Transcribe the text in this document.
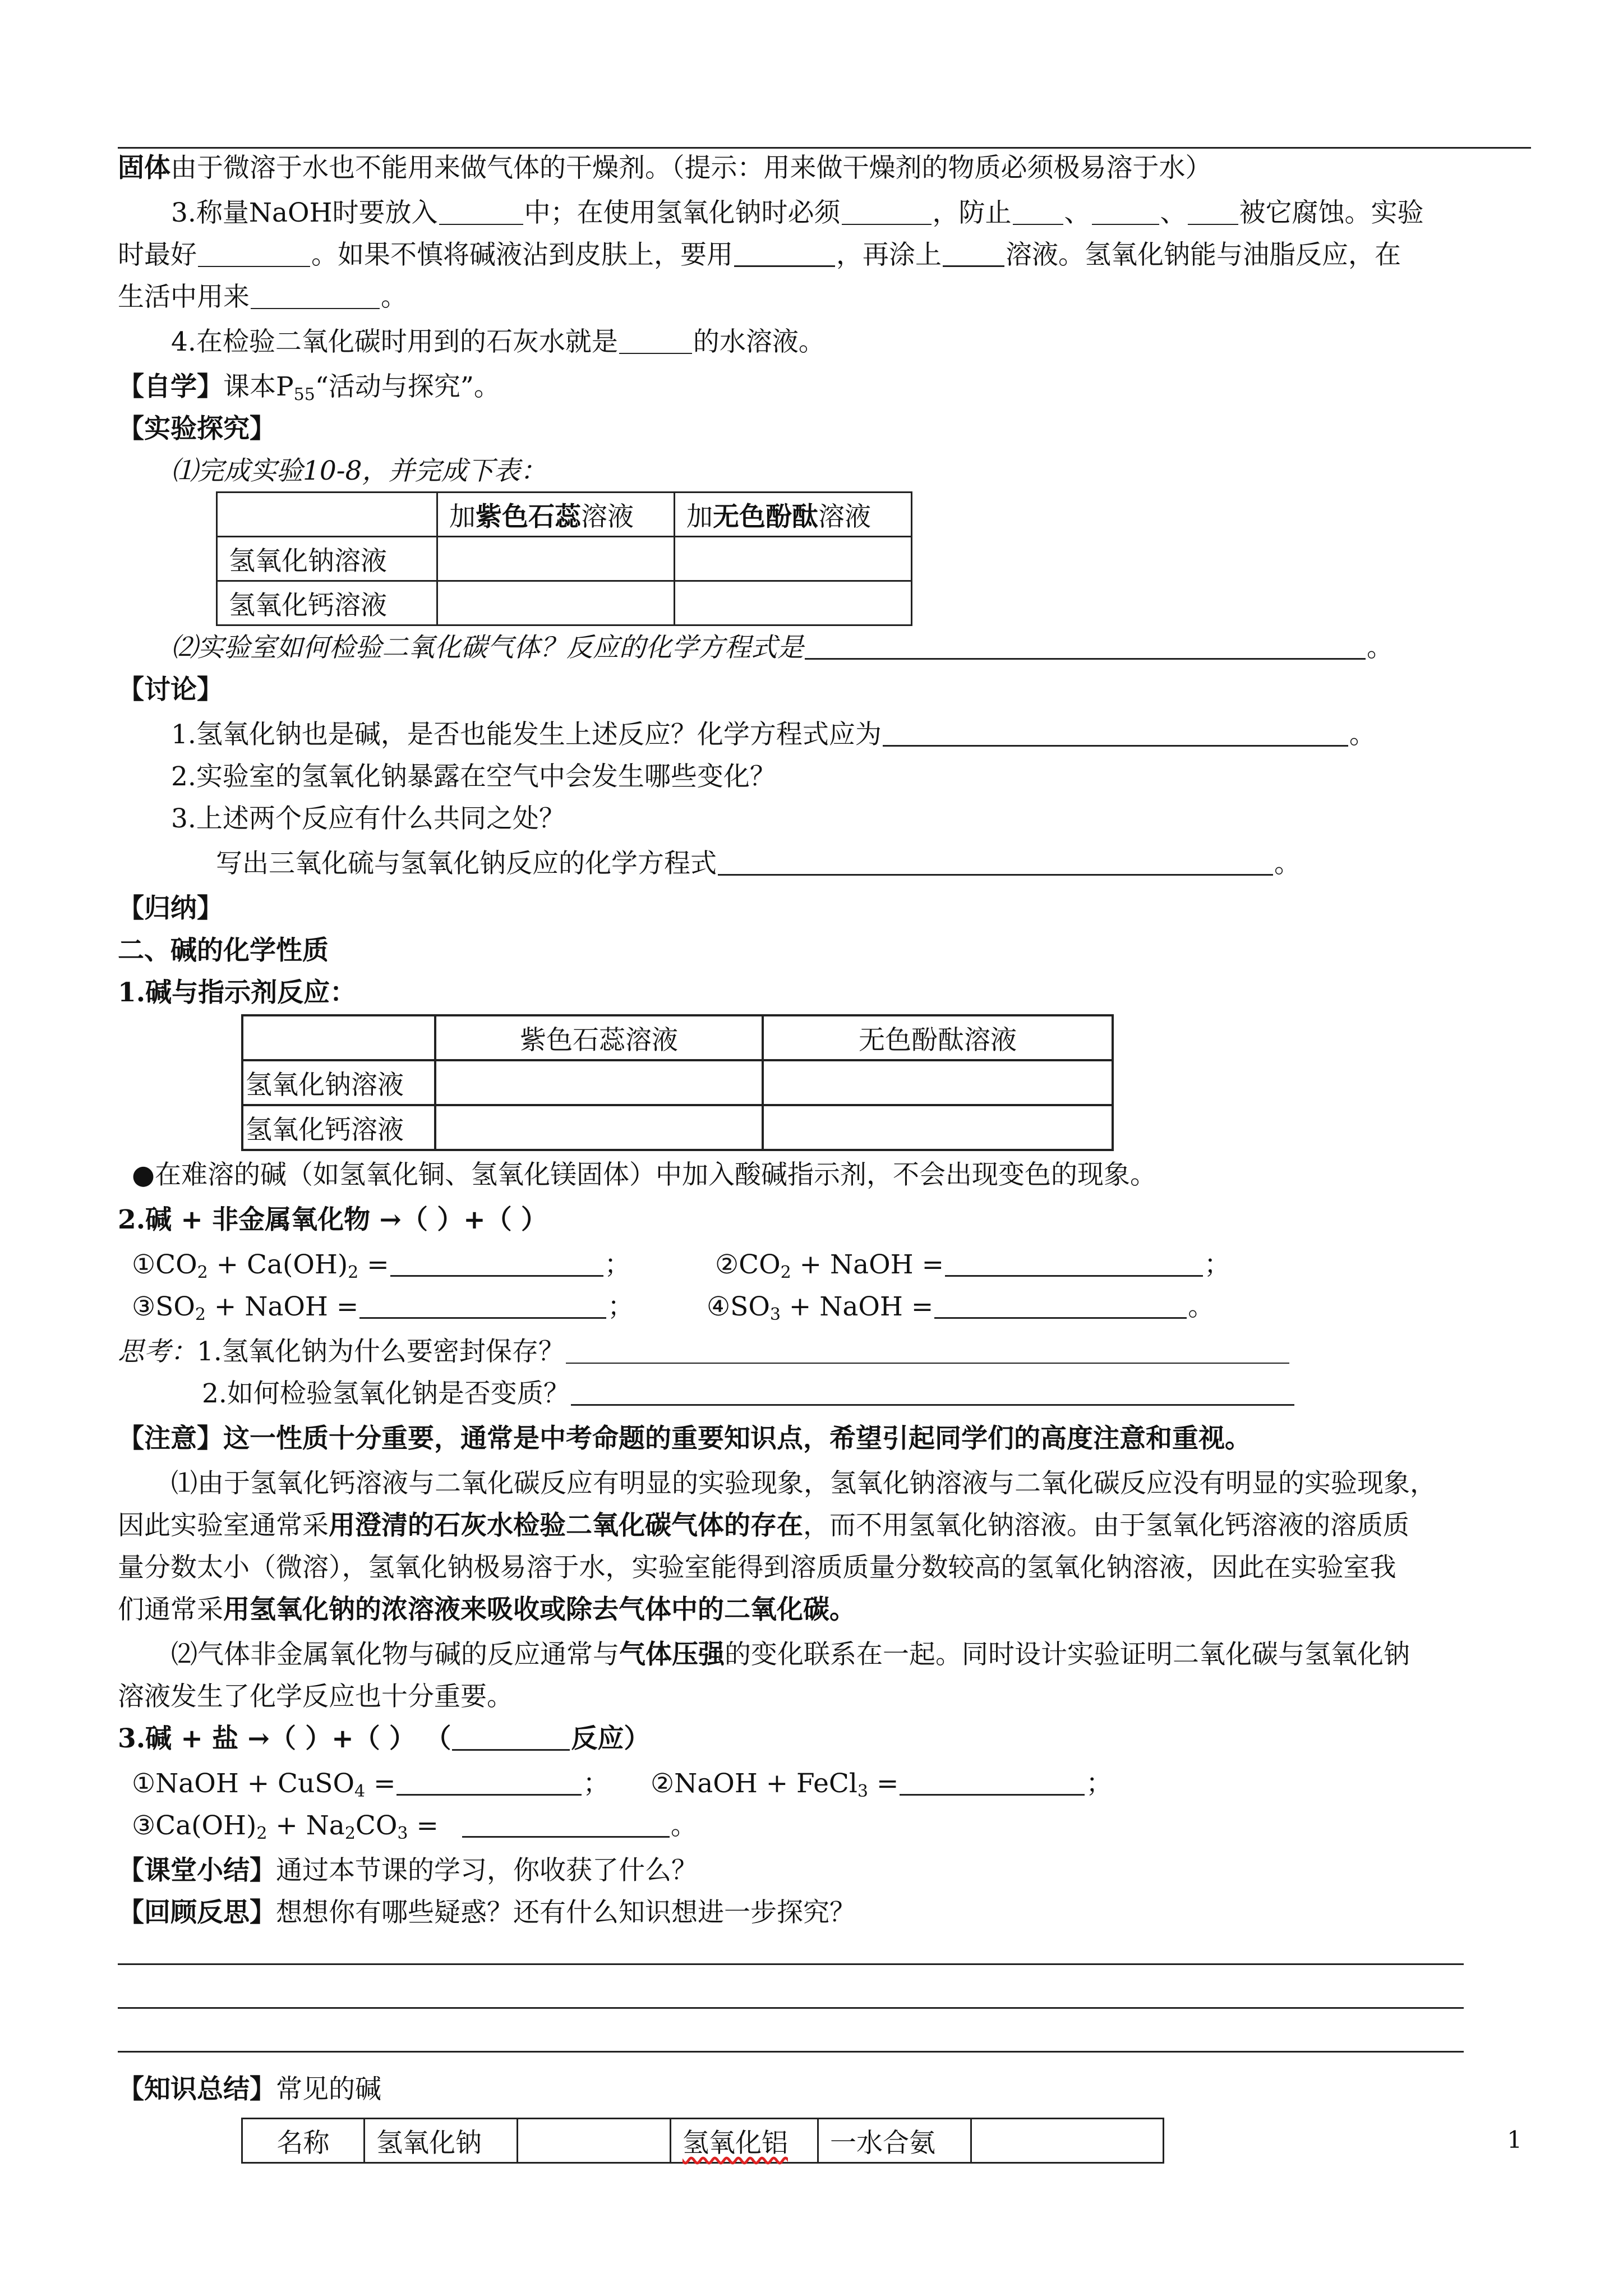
固体由于微溶于水也不能用来做气体的干燥剂。（提示：用来做干燥剂的物质必须极易溶于水）
3.称量NaOH时要放入	中；在使用氢氧化钠时必须	，防止 、	、 被它腐蚀。实验
时最好	。如果不慎将碱液沾到皮肤上，要用	，再涂上 溶液。氢氧化钠能与油脂反应，在
生活中用来	。
4.在检验二氧化碳时用到的石灰水就是	的水溶液。
【自学】课本$P_{55}“$活动与探究”。
【实验探究】
⑴完成实验10-8，并完成下表：
	加紫色石蕊溶液	加无色酚酞溶液
氢氧化钠溶液		
氢氧化钙溶液		
⑵实验室如何检验二氧化碳气体？反应的化学方程式是	。
【讨论】
1.氢氧化钠也是碱，是否也能发生上述反应？化学方程式应为	。
2.实验室的氢氧化钠暴露在空气中会发生哪些变化？
3.上述两个反应有什么共同之处？
写出三氧化硫与氢氧化钠反应的化学方程式	。
【归纳】
二、碱的化学性质
1.碱与指示剂反应：
	紫色石蕊溶液	无色酚酞溶液
氢氧化钠溶液		
氢氧化钙溶液		
●在难溶的碱（如氢氧化铜、氢氧化镁固体）中加入酸碱指示剂，不会出现变色的现象。
2.碱 + 非金属氧化物 →（ ）+（ ）
$①CO_2 + Ca(OH)_2$ =	；	$②CO_2$ + NaOH =	；
$③SO_2$ + NaOH =	；	$④SO_3$ + NaOH =	。
思考：1.氢氧化钠为什么要密封保存？
2.如何检验氢氧化钠是否变质？
【注意】这一性质十分重要，通常是中考命题的重要知识点，希望引起同学们的高度注意和重视。
⑴由于氢氧化钙溶液与二氧化碳反应有明显的实验现象，氢氧化钠溶液与二氧化碳反应没有明显的实验现象，
因此实验室通常采用澄清的石灰水检验二氧化碳气体的存在，而不用氢氧化钠溶液。由于氢氧化钙溶液的溶质质
量分数太小（微溶），氢氧化钠极易溶于水，实验室能得到溶质质量分数较高的氢氧化钠溶液，因此在实验室我
们通常采用氢氧化钠的浓溶液来吸收或除去气体中的二氧化碳。
⑵气体非金属氧化物与碱的反应通常与气体压强的变化联系在一起。同时设计实验证明二氧化碳与氢氧化钠
溶液发生了化学反应也十分重要。
3.碱 + 盐 →（ ）+（ ） （	反应）
①NaOH + CuSO$_4$ =	； ②NaOH + FeCl$_3$ =	；
$③Ca(OH)_2 + Na_2CO_3$ =	。
【课堂小结】通过本节课的学习，你收获了什么？
【回顾反思】想想你有哪些疑惑？还有什么知识想进一步探究？
【知识总结】常见的碱
名称	氢氧化钠		氢氧化铝	一水合氨		1
